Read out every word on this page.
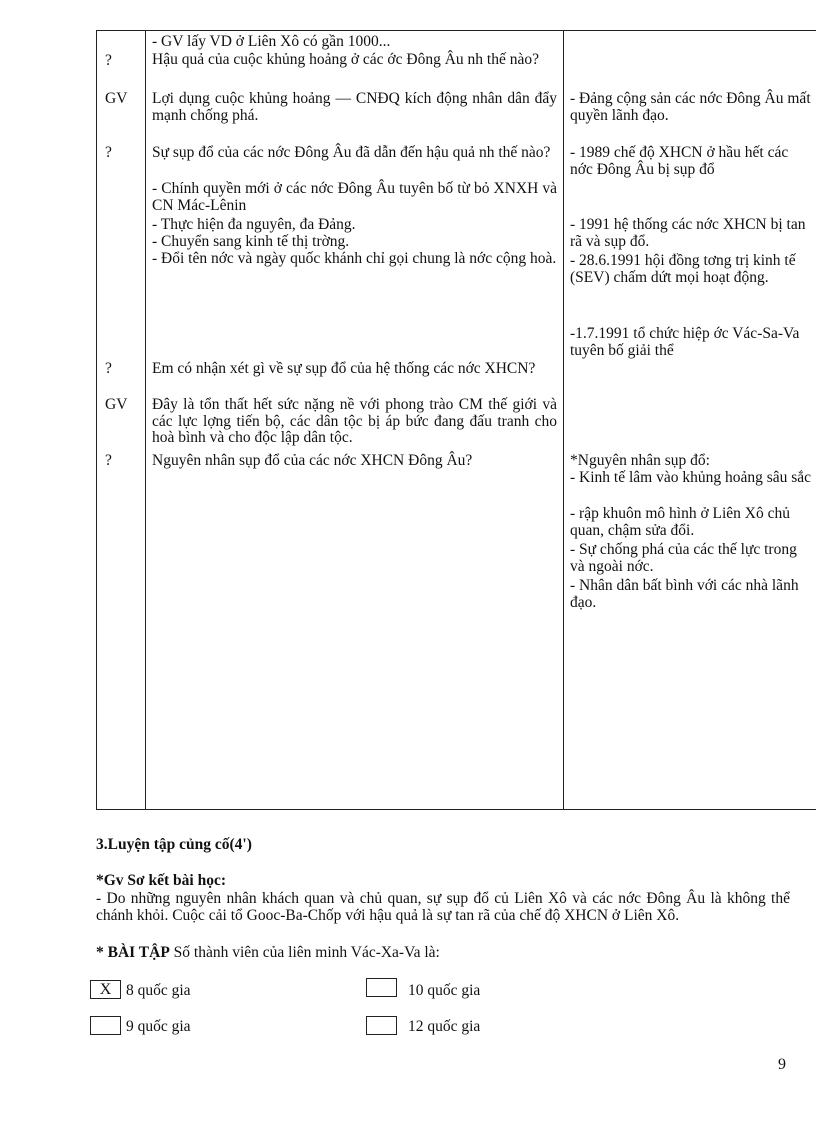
?
GV
?
?
GV
?
- GV lấy VD ở Liên Xô có gần 1000...
Hậu quả của cuộc khủng hoảng ở các ớc Đông Âu nh thế nào?
Lợi dụng cuộc khủng hoảng — CNĐQ kích động nhân dân đẩy mạnh chống phá.
Sự sụp đổ của các nớc Đông Âu đã dẫn đến hậu quả nh thế nào?
- Chính quyền mới ở các nớc Đông Âu tuyên bố từ bỏ XNXH và CN Mác-Lênin
- Thực hiện đa nguyên, đa Đảng.
- Chuyển sang kinh tế thị trờng.
- Đổi tên nớc và ngày quốc khánh chỉ gọi chung là nớc cộng hoà.
Em có nhận xét gì về sự sụp đổ của hệ thống các nớc XHCN?
Đây là tổn thất hết sức nặng nề với phong trào CM thế giới và các lực lợng tiến bộ, các dân tộc bị áp bức đang đấu tranh cho hoà bình và cho độc lập dân tộc.
Nguyên nhân sụp đổ của các nớc XHCN Đông Âu?
- Đảng cộng sản các nớc Đông Âu mất quyền lãnh đạo.
- 1989 chế độ XHCN ở hầu hết các nớc Đông Âu bị sụp đổ
- 1991 hệ thống các nớc XHCN bị tan rã và sụp đổ.
- 28.6.1991 hội đồng tơng trị kinh tế (SEV) chấm dứt mọi hoạt động.
-1.7.1991 tổ chức hiệp ớc Vác-Sa-Va tuyên bố giải thể
*Nguyên nhân sụp đổ:
- Kinh tế lâm vào khủng hoảng sâu sắc
- rập khuôn mô hình ở Liên Xô chủ quan, chậm sửa đổi.
- Sự chống phá của các thế lực trong và ngoài nớc.
- Nhân dân bất bình với các nhà lãnh đạo.
3.Luyện tập củng cố(4')
*Gv Sơ kết bài học:
- Do những nguyên nhân khách quan và chủ quan, sự sụp đổ củ Liên Xô và các nớc Đông Âu là không thể chánh khỏi. Cuộc cải tổ Gooc-Ba-Chốp với hậu quả là sự tan rã của chế độ XHCN ở Liên Xô.
* BÀI TẬP Số thành viên của liên minh Vác-Xa-Va là:
X 8 quốc gia	10 quốc gia
9 quốc gia	12 quốc gia
9
